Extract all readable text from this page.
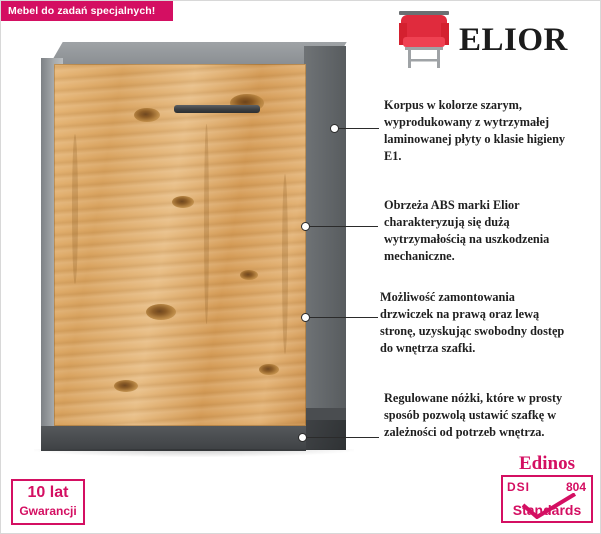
Mebel do zadań specjalnych!
ELIOR
Korpus w kolorze szarym, wyprodukowany z wytrzymałej laminowanej płyty o klasie higieny E1.
Obrzeża ABS marki Elior charakteryzują się dużą wytrzymałością na uszkodzenia mechaniczne.
Możliwość zamontowania drzwiczek na prawą oraz lewą stronę, uzyskując swobodny dostęp do wnętrza szafki.
Regulowane nóżki, które w prosty sposób pozwolą ustawić szafkę w zależności od potrzeb wnętrza.
10 lat
Gwarancji
Edinos
DSI	804
Standards
